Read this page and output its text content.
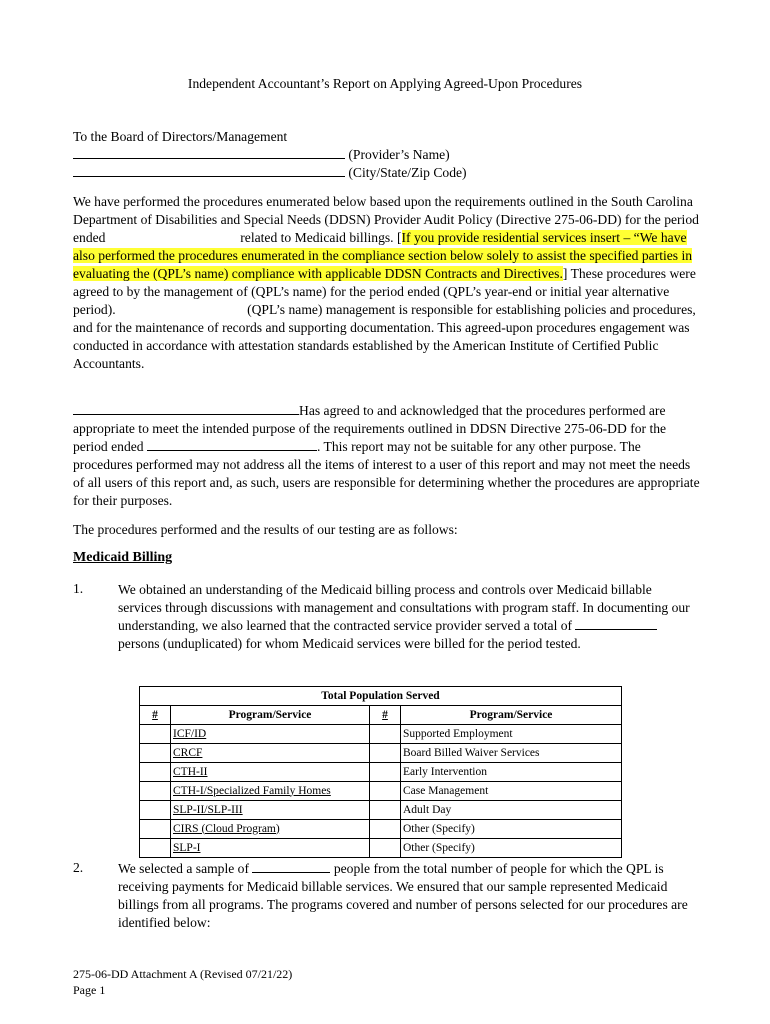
Independent Accountant’s Report on Applying Agreed-Upon Procedures
To the Board of Directors/Management
(Provider’s Name)
(City/State/Zip Code)
We have performed the procedures enumerated below based upon the requirements outlined in the South Carolina Department of Disabilities and Special Needs (DDSN) Provider Audit Policy (Directive 275-06-DD) for the period ended	related to Medicaid billings. [If you provide residential services insert – “We have also performed the procedures enumerated in the compliance section below solely to assist the specified parties in evaluating the (QPL’s name) compliance with applicable DDSN Contracts and Directives.] These procedures were agreed to by the management of (QPL’s name) for the period ended (QPL’s year-end or initial year alternative period).	(QPL’s name) management is responsible for establishing policies and procedures, and for the maintenance of records and supporting documentation. This agreed-upon procedures engagement was conducted in accordance with attestation standards established by the American Institute of Certified Public Accountants.
Has agreed to and acknowledged that the procedures performed are appropriate to meet the intended purpose of the requirements outlined in DDSN Directive 275-06-DD for the period ended	. This report may not be suitable for any other purpose. The procedures performed may not address all the items of interest to a user of this report and may not meet the needs of all users of this report and, as such, users are responsible for determining whether the procedures are appropriate for their purposes.
The procedures performed and the results of our testing are as follows:
Medicaid Billing
1.	We obtained an understanding of the Medicaid billing process and controls over Medicaid billable services through discussions with management and consultations with program staff. In documenting our understanding, we also learned that the contracted service provider served a total of  persons (unduplicated) for whom Medicaid services were billed for the period tested.
Total Population Served			
#	Program/Service	#	Program/Service
	ICF/ID		Supported Employment
	CRCF		Board Billed Waiver Services
	CTH-II		Early Intervention
	CTH-I/Specialized Family Homes		Case Management
	SLP-II/SLP-III		Adult Day
	CIRS (Cloud Program)		Other (Specify)
	SLP-I		Other (Specify)
2.	We selected a sample of	people from the total number of people for which the QPL is receiving payments for Medicaid billable services. We ensured that our sample represented Medicaid billings from all programs. The programs covered and number of persons selected for our procedures are identified below:
275-06-DD Attachment A (Revised 07/21/22)
Page 1
